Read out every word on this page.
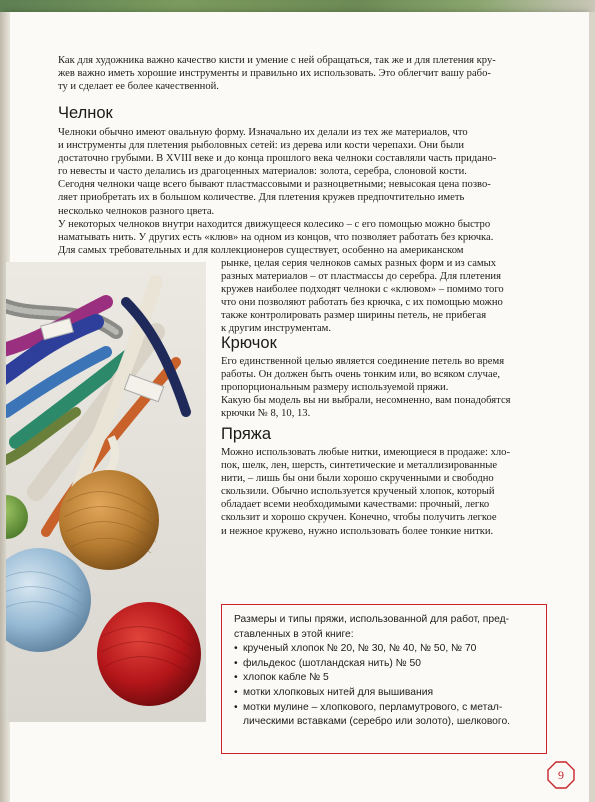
Как для художника важно качество кисти и умение с ней обращаться, так же и для плетения кру-
жев важно иметь хорошие инструменты и правильно их использовать. Это облегчит вашу рабо-
ту и сделает ее более качественной.
Челнок
Челноки обычно имеют овальную форму. Изначально их делали из тех же материалов, что
и инструменты для плетения рыболовных сетей: из дерева или кости черепахи. Они были
достаточно грубыми. В XVIII веке и до конца прошлого века челноки составляли часть придано-
го невесты и часто делались из драгоценных материалов: золота, серебра, слоновой кости.
Сегодня челноки чаще всего бывают пластмассовыми и разноцветными; невысокая цена позво-
ляет приобретать их в большом количестве. Для плетения кружев предпочтительно иметь
несколько челноков разного цвета.
У некоторых челноков внутри находится движущееся колесико – с его помощью можно быстро
наматывать нить. У других есть «клюв» на одном из концов, что позволяет работать без крючка.
Для самых требовательных и для коллекционеров существует, особенно на американском
рынке, целая серия челноков самых разных форм и из самых
разных материалов – от пластмассы до серебра. Для плетения
кружев наиболее подходят челноки с «клювом» – помимо того
что они позволяют работать без крючка, с их помощью можно
также контролировать размер ширины петель, не прибегая
к другим инструментам.
Крючок
Его единственной целью является соединение петель во время
работы. Он должен быть очень тонким или, во всяком случае,
пропорциональным размеру используемой пряжи.
Какую бы модель вы ни выбрали, несомненно, вам понадобятся
крючки № 8, 10, 13.
Пряжа
Можно использовать любые нитки, имеющиеся в продаже: хло-
пок, шелк, лен, шерсть, синтетические и металлизированные
нити, – лишь бы они были хорошо скрученными и свободно
скользили. Обычно используется крученый хлопок, который
обладает всеми необходимыми качествами: прочный, легко
скользит и хорошо скручен. Конечно, чтобы получить легкое
и нежное кружево, нужно использовать более тонкие нитки.

Размеры и типы пряжи, использованной для работ, пред-

ставленных в этой книге:

• крученый хлопок № 20, № 30, № 40, № 50, № 70
• фильдекос (шотландская нить) № 50
• хлопок кабле № 5
• мотки хлопковых нитей для вышивания
• мотки мулине – хлопкового, перламутрового, с метал-
лическими вставками (серебро или золото), шелкового.
9
